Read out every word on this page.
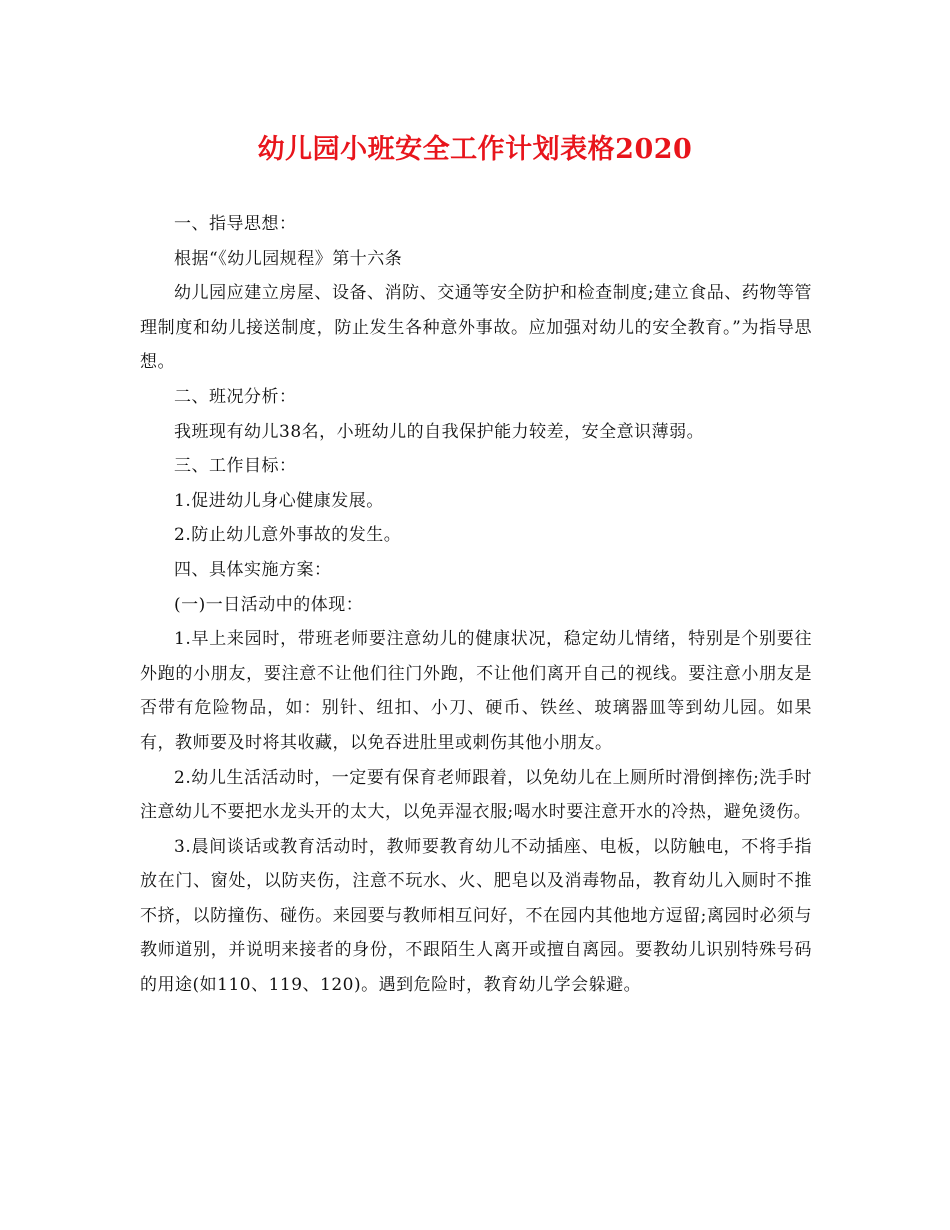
幼儿园小班安全工作计划表格2020

一、指导思想：

根据“《幼儿园规程》第十六条

幼儿园应建立房屋、设备、消防、交通等安全防护和检查制度;建立食品、药物等管理制度和幼儿接送制度，防止发生各种意外事故。应加强对幼儿的安全教育。”为指导思想。

二、班况分析：

我班现有幼儿38名，小班幼儿的自我保护能力较差，安全意识薄弱。

三、工作目标：

1.促进幼儿身心健康发展。

2.防止幼儿意外事故的发生。

四、具体实施方案：

(一)一日活动中的体现：

1.早上来园时，带班老师要注意幼儿的健康状况，稳定幼儿情绪，特别是个别要往外跑的小朋友，要注意不让他们往门外跑，不让他们离开自己的视线。要注意小朋友是否带有危险物品，如：别针、纽扣、小刀、硬币、铁丝、玻璃器皿等到幼儿园。如果有，教师要及时将其收藏，以免吞进肚里或刺伤其他小朋友。

2.幼儿生活活动时，一定要有保育老师跟着，以免幼儿在上厕所时滑倒摔伤;洗手时注意幼儿不要把水龙头开的太大，以免弄湿衣服;喝水时要注意开水的冷热，避免烫伤。

3.晨间谈话或教育活动时，教师要教育幼儿不动插座、电板，以防触电，不将手指放在门、窗处，以防夹伤，注意不玩水、火、肥皂以及消毒物品，教育幼儿入厕时不推不挤，以防撞伤、碰伤。来园要与教师相互问好，不在园内其他地方逗留;离园时必须与教师道别，并说明来接者的身份，不跟陌生人离开或擅自离园。要教幼儿识别特殊号码的用途(如110、119、120)。遇到危险时，教育幼儿学会躲避。
